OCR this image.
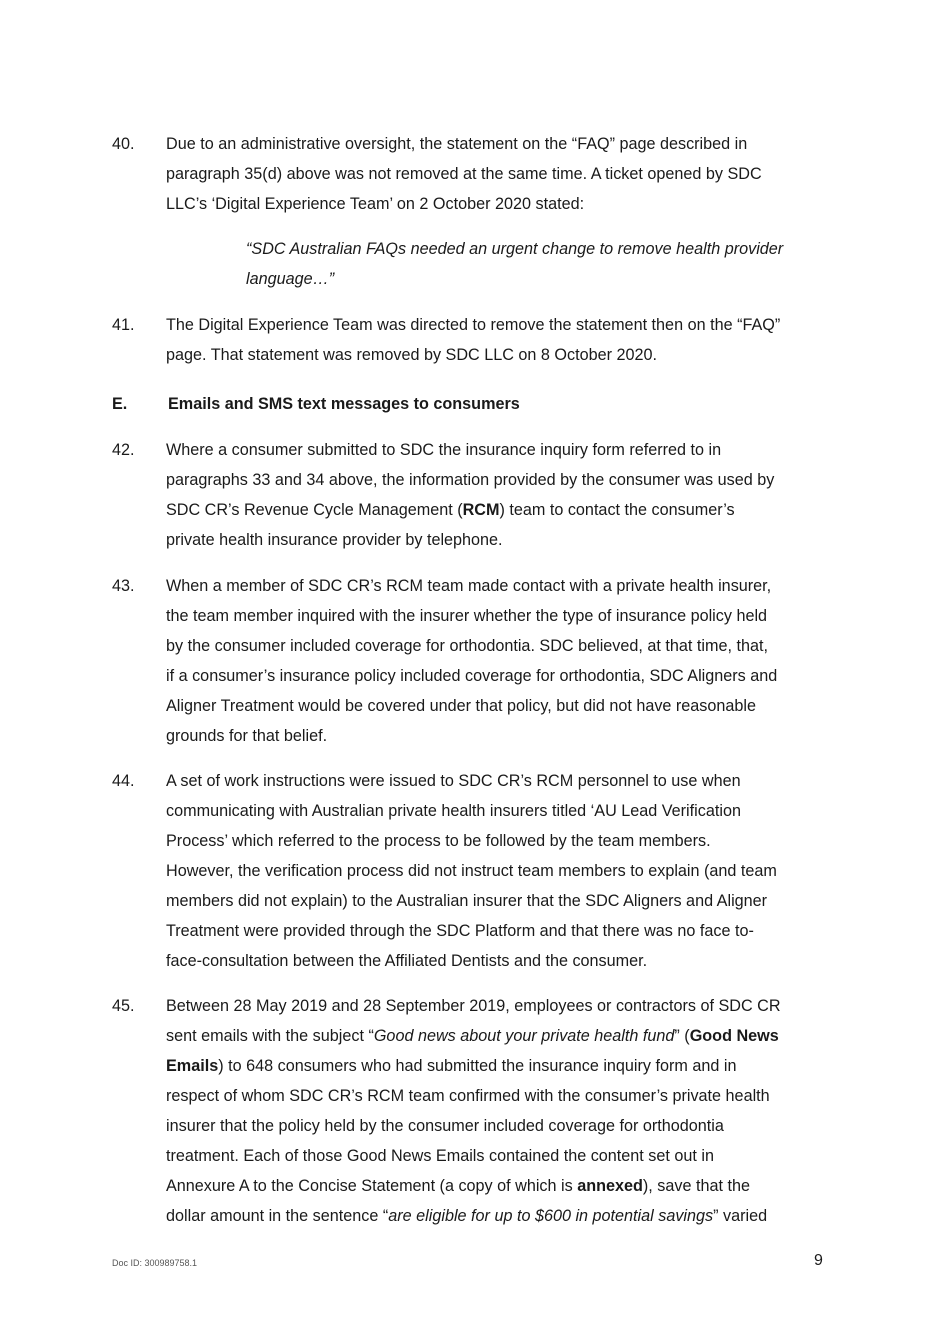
40. Due to an administrative oversight, the statement on the “FAQ” page described in
paragraph 35(d) above was not removed at the same time. A ticket opened by SDC
LLC’s ‘Digital Experience Team’ on 2 October 2020 stated:
“SDC Australian FAQs needed an urgent change to remove health provider
language…”
41. The Digital Experience Team was directed to remove the statement then on the “FAQ”
page. That statement was removed by SDC LLC on 8 October 2020.
E.	Emails and SMS text messages to consumers
42. Where a consumer submitted to SDC the insurance inquiry form referred to in
paragraphs 33 and 34 above, the information provided by the consumer was used by
SDC CR’s Revenue Cycle Management (RCM) team to contact the consumer’s
private health insurance provider by telephone.
43. When a member of SDC CR’s RCM team made contact with a private health insurer,
the team member inquired with the insurer whether the type of insurance policy held
by the consumer included coverage for orthodontia. SDC believed, at that time, that,
if a consumer’s insurance policy included coverage for orthodontia, SDC Aligners and
Aligner Treatment would be covered under that policy, but did not have reasonable
grounds for that belief.
44. A set of work instructions were issued to SDC CR’s RCM personnel to use when
communicating with Australian private health insurers titled ‘AU Lead Verification
Process’ which referred to the process to be followed by the team members.
However, the verification process did not instruct team members to explain (and team
members did not explain) to the Australian insurer that the SDC Aligners and Aligner
Treatment were provided through the SDC Platform and that there was no face to-
face-consultation between the Affiliated Dentists and the consumer.
45. Between 28 May 2019 and 28 September 2019, employees or contractors of SDC CR
sent emails with the subject “Good news about your private health fund” (Good News
Emails) to 648 consumers who had submitted the insurance inquiry form and in
respect of whom SDC CR’s RCM team confirmed with the consumer’s private health
insurer that the policy held by the consumer included coverage for orthodontia
treatment. Each of those Good News Emails contained the content set out in
Annexure A to the Concise Statement (a copy of which is annexed), save that the
dollar amount in the sentence “are eligible for up to $600 in potential savings” varied
Doc ID: 300989758.1	9
